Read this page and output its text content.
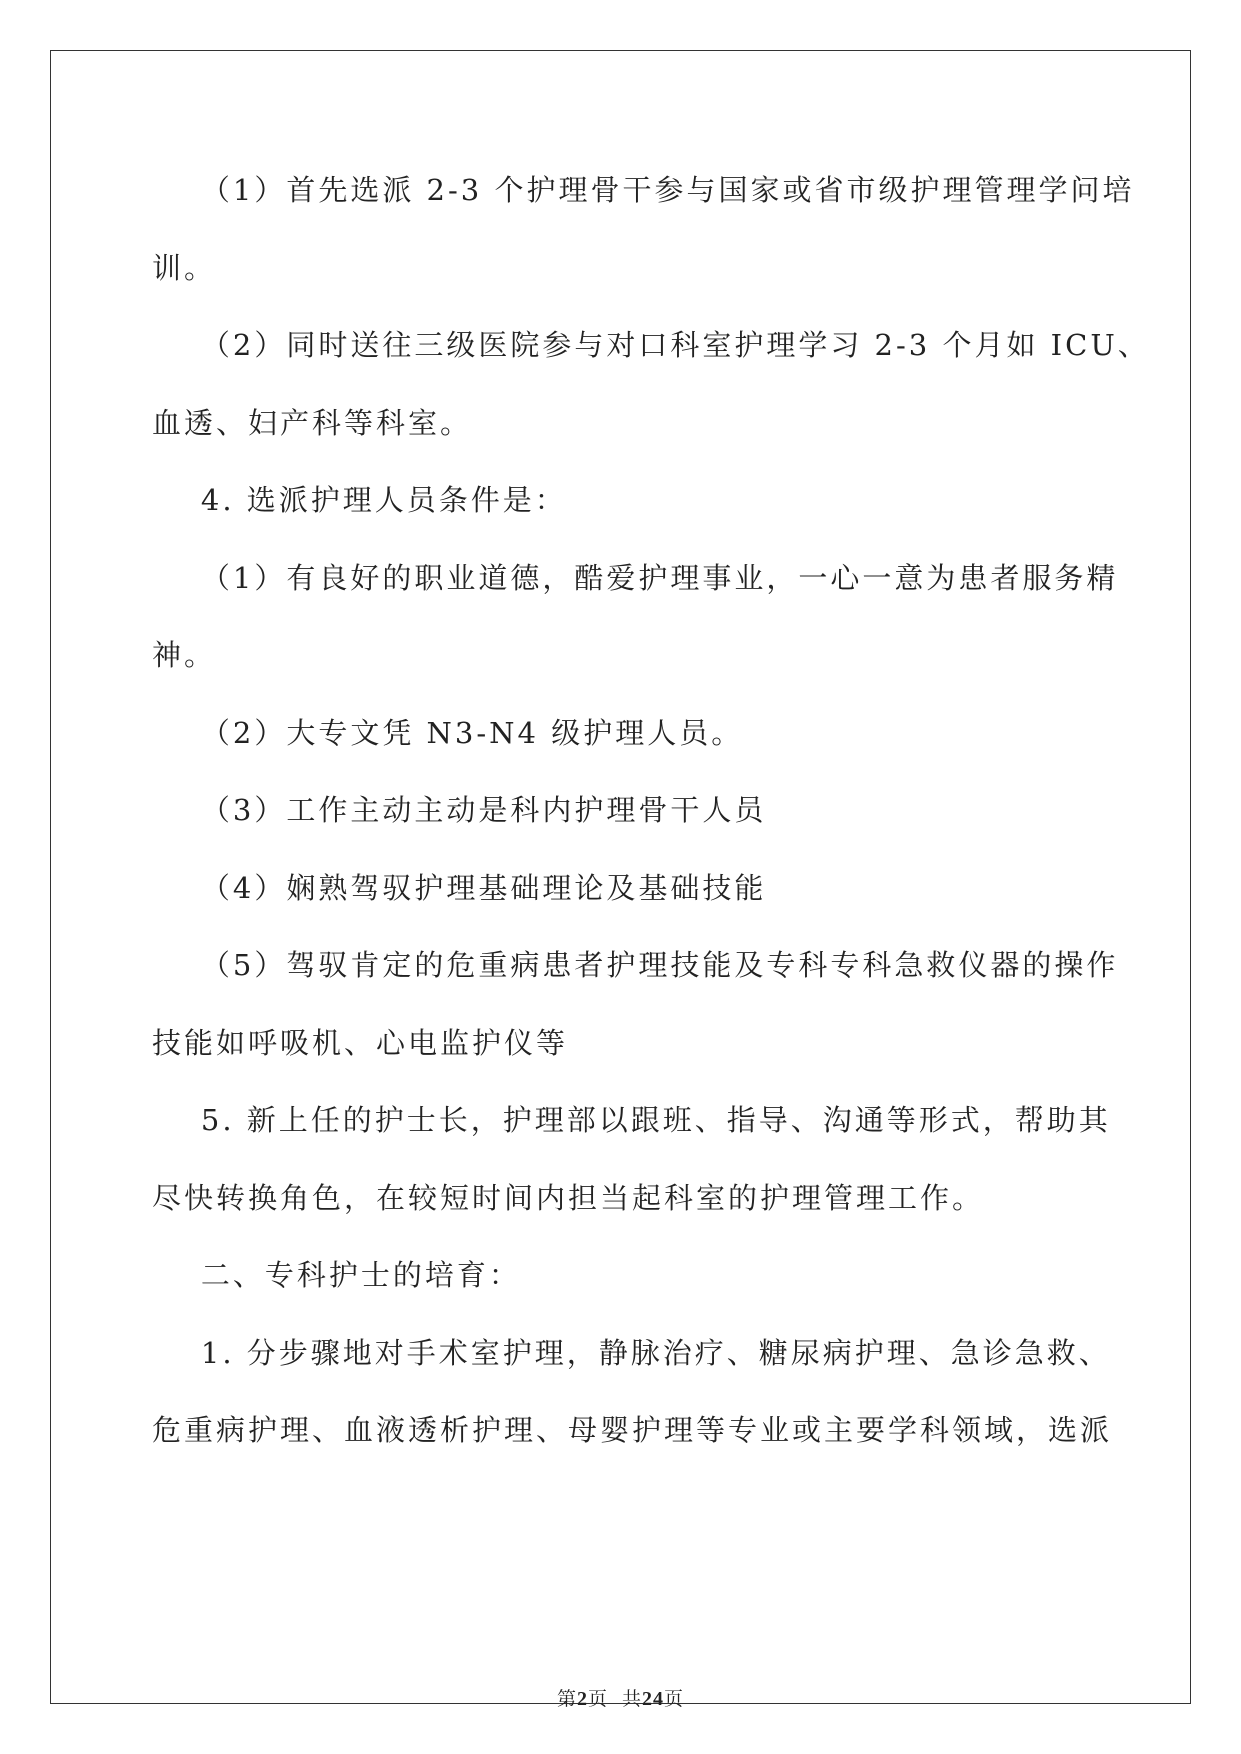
（1）首先选派 2-3 个护理骨干参与国家或省市级护理管理学问培
训。
（2）同时送往三级医院参与对口科室护理学习 2-3 个月如 ICU、
血透、妇产科等科室。
4. 选派护理人员条件是：
（1）有良好的职业道德，酷爱护理事业，一心一意为患者服务精
神。
（2）大专文凭 N3-N4 级护理人员。
（3）工作主动主动是科内护理骨干人员
（4）娴熟驾驭护理基础理论及基础技能
（5）驾驭肯定的危重病患者护理技能及专科专科急救仪器的操作
技能如呼吸机、心电监护仪等
5. 新上任的护士长，护理部以跟班、指导、沟通等形式，帮助其
尽快转换角色，在较短时间内担当起科室的护理管理工作。
二、专科护士的培育：
1. 分步骤地对手术室护理，静脉治疗、糖尿病护理、急诊急救、
危重病护理、血液透析护理、母婴护理等专业或主要学科领域，选派
第2页  共24页
